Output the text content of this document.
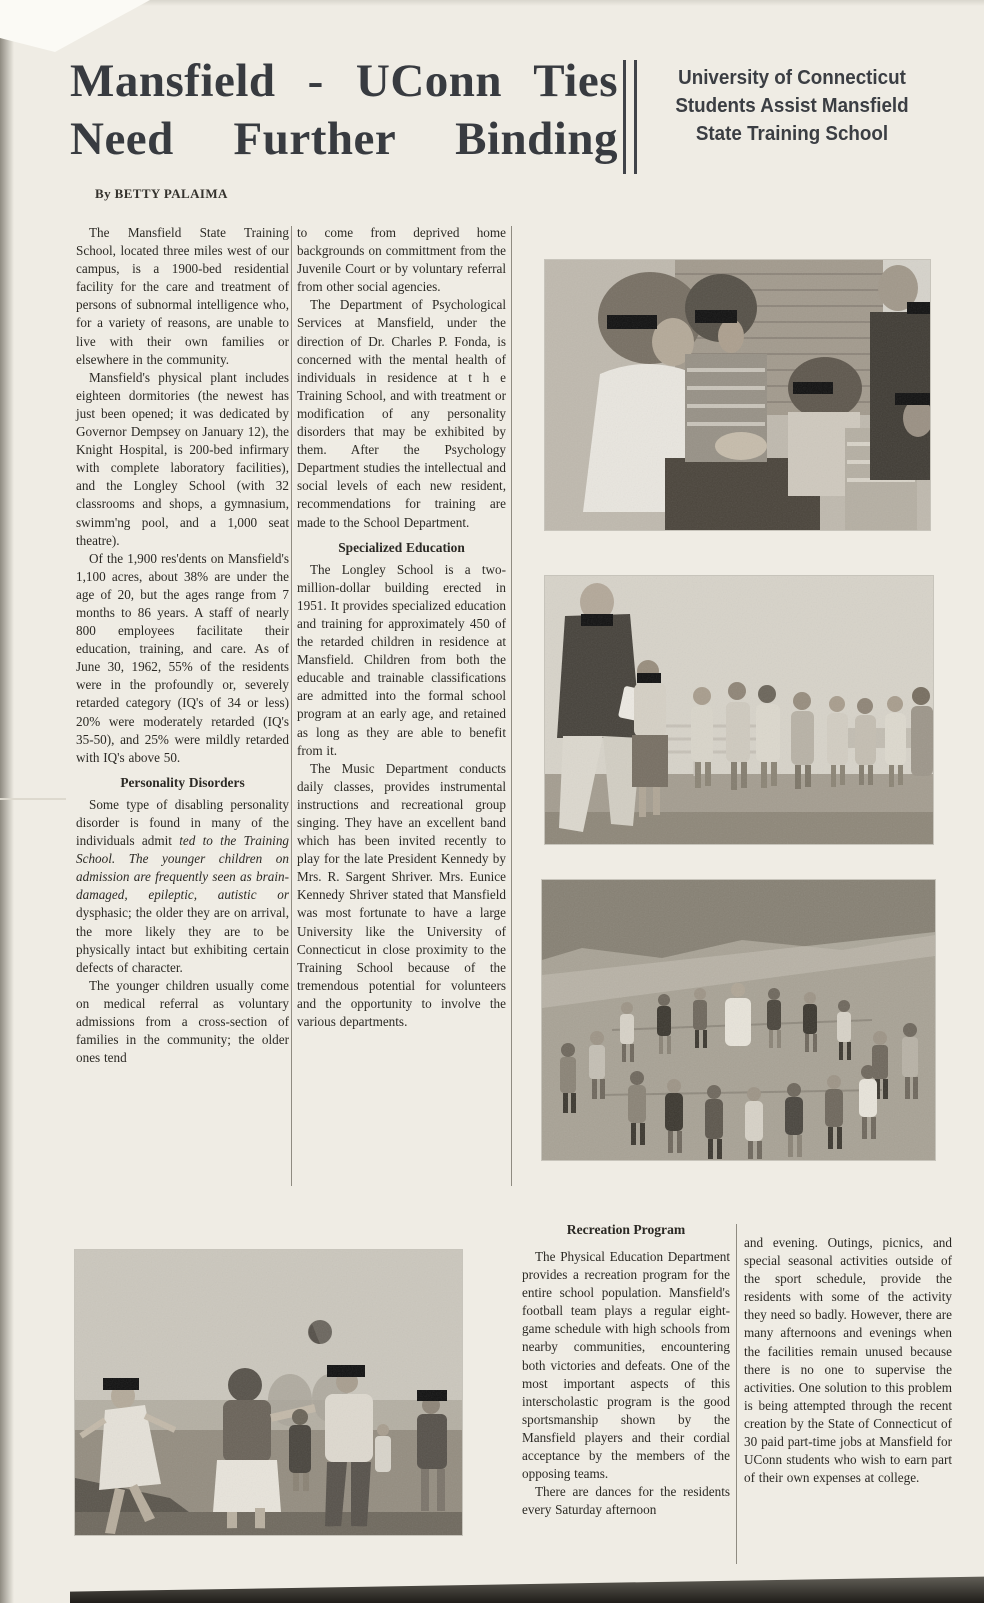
Mansfield - UConn Ties
Need Further Binding
University of Connecticut
Students Assist Mansfield
State Training School
By BETTY PALAIMA

The Mansfield State Training School, located three miles west of our campus, is a 1900-bed residential facility for the care and treatment of persons of subnormal intelligence who, for a variety of reasons, are unable to live with their own families or elsewhere in the community.

Mansfield's physical plant includes eighteen dormitories (the newest has just been opened; it was dedicated by Governor Dempsey on January 12), the Knight Hospital, is 200-bed infirmary with complete laboratory facilities), and the Longley School (with 32 classrooms and shops, a gymnasium, swimm'ng pool, and a 1,000 seat theatre).

Of the 1,900 res'dents on Mansfield's 1,100 acres, about 38% are under the age of 20, but the ages range from 7 months to 86 years. A staff of nearly 800 employees facilitate their education, training, and care. As of June 30, 1962, 55% of the residents were in the profoundly or, severely retarded category (IQ's of 34 or less) 20% were moderately retarded (IQ's 35-50), and 25% were mildly retarded with IQ's above 50.

Personality Disorders

Some type of disabling personality disorder is found in many of the individuals admit ted to the Training School. The younger children on admission are frequently seen as brain-damaged, epileptic, autistic or dysphasic; the older they are on arrival, the more likely they are to be physically intact but exhibiting certain defects of character.

The younger children usually come on medical referral as voluntary admissions from a cross-section of families in the community; the older ones tend

to come from deprived home backgrounds on committment from the Juvenile Court or by voluntary referral from other social agencies.

The Department of Psychological Services at Mansfield, under the direction of Dr. Charles P. Fonda, is concerned with the mental health of individuals in residence at t h e Training School, and with treatment or modification of any personality disorders that may be exhibited by them. After the Psychology Department studies the intellectual and social levels of each new resident, recommendations for training are made to the School Department.

Specialized Education

The Longley School is a two-million-dollar building erected in 1951. It provides specialized education and training for approximately 450 of the retarded children in residence at Mansfield. Children from both the educable and trainable classifications are admitted into the formal school program at an early age, and retained as long as they are able to benefit from it.

The Music Department conducts daily classes, provides instrumental instructions and recreational group singing. They have an excellent band which has been invited recently to play for the late President Kennedy by Mrs. R. Sargent Shriver. Mrs. Eunice Kennedy Shriver stated that Mansfield was most fortunate to have a large University like the University of Connecticut in close proximity to the Training School because of the tremendous potential for volunteers and the opportunity to involve the various departments.

Recreation Program

The Physical Education Department provides a recreation program for the entire school population. Mansfield's football team plays a regular eight-game schedule with high schools from nearby communities, encountering both victories and defeats. One of the most important aspects of this interscholastic program is the good sportsmanship shown by the Mansfield players and their cordial acceptance by the members of the opposing teams.

There are dances for the residents every Saturday afternoon

and evening. Outings, picnics, and special seasonal activities outside of the sport schedule, provide the residents with some of the activity they need so badly. However, there are many afternoons and evenings when the facilities remain unused because there is no one to supervise the activities. One solution to this problem is being attempted through the recent creation by the State of Connecticut of 30 paid part-time jobs at Mansfield for UConn students who wish to earn part of their own expenses at college.
